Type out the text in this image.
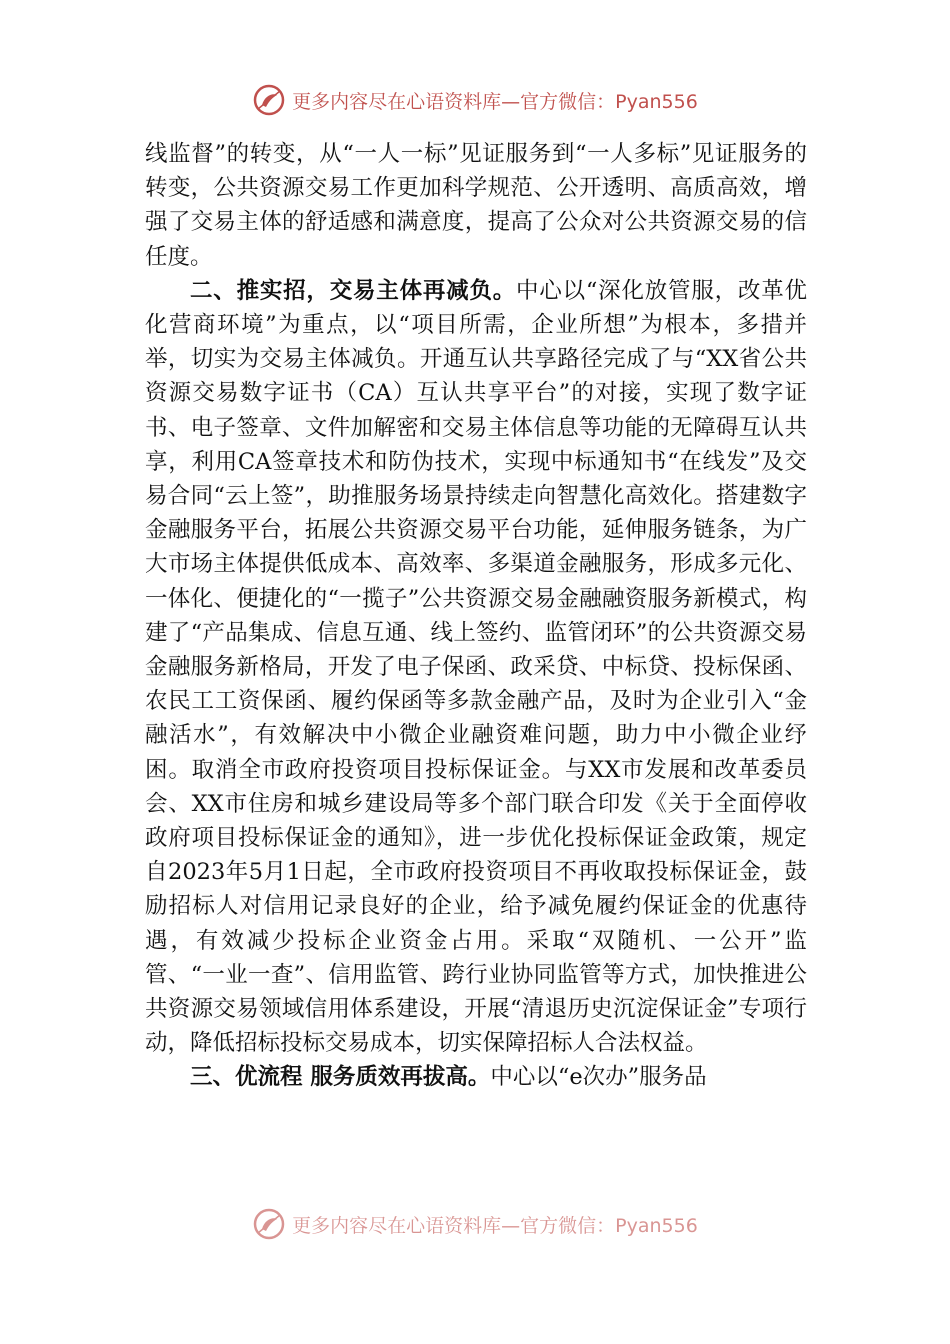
更多内容尽在心语资料库—官方微信：Pyan556

线监督”的转变，从“一人一标”见证服务到“一人多标”见证服务的转变，公共资源交易工作更加科学规范、公开透明、高质高效，增强了交易主体的舒适感和满意度，提高了公众对公共资源交易的信任度。

二、推实招，交易主体再减负。中心以“深化放管服，改革优化营商环境”为重点，以“项目所需，企业所想”为根本，多措并举，切实为交易主体减负。开通互认共享路径完成了与“XX省公共资源交易数字证书（CA）互认共享平台”的对接，实现了数字证书、电子签章、文件加解密和交易主体信息等功能的无障碍互认共享，利用CA签章技术和防伪技术，实现中标通知书“在线发”及交易合同“云上签”，助推服务场景持续走向智慧化高效化。搭建数字金融服务平台，拓展公共资源交易平台功能，延伸服务链条，为广大市场主体提供低成本、高效率、多渠道金融服务，形成多元化、一体化、便捷化的“一揽子”公共资源交易金融融资服务新模式，构建了“产品集成、信息互通、线上签约、监管闭环”的公共资源交易金融服务新格局，开发了电子保函、政采贷、中标贷、投标保函、农民工工资保函、履约保函等多款金融产品，及时为企业引入“金融活水”，有效解决中小微企业融资难问题，助力中小微企业纾困。取消全市政府投资项目投标保证金。与XX市发展和改革委员会、XX市住房和城乡建设局等多个部门联合印发《关于全面停收政府项目投标保证金的通知》，进一步优化投标保证金政策，规定自2023年5月1日起，全市政府投资项目不再收取投标保证金，鼓励招标人对信用记录良好的企业，给予减免履约保证金的优惠待遇，有效减少投标企业资金占用。采取“双随机、一公开”监管、“一业一查”、信用监管、跨行业协同监管等方式，加快推进公共资源交易领域信用体系建设，开展“清退历史沉淀保证金”专项行动，降低招标投标交易成本，切实保障招标人合法权益。

三、优流程 服务质效再拔高。中心以“e次办”服务品

更多内容尽在心语资料库—官方微信：Pyan556
